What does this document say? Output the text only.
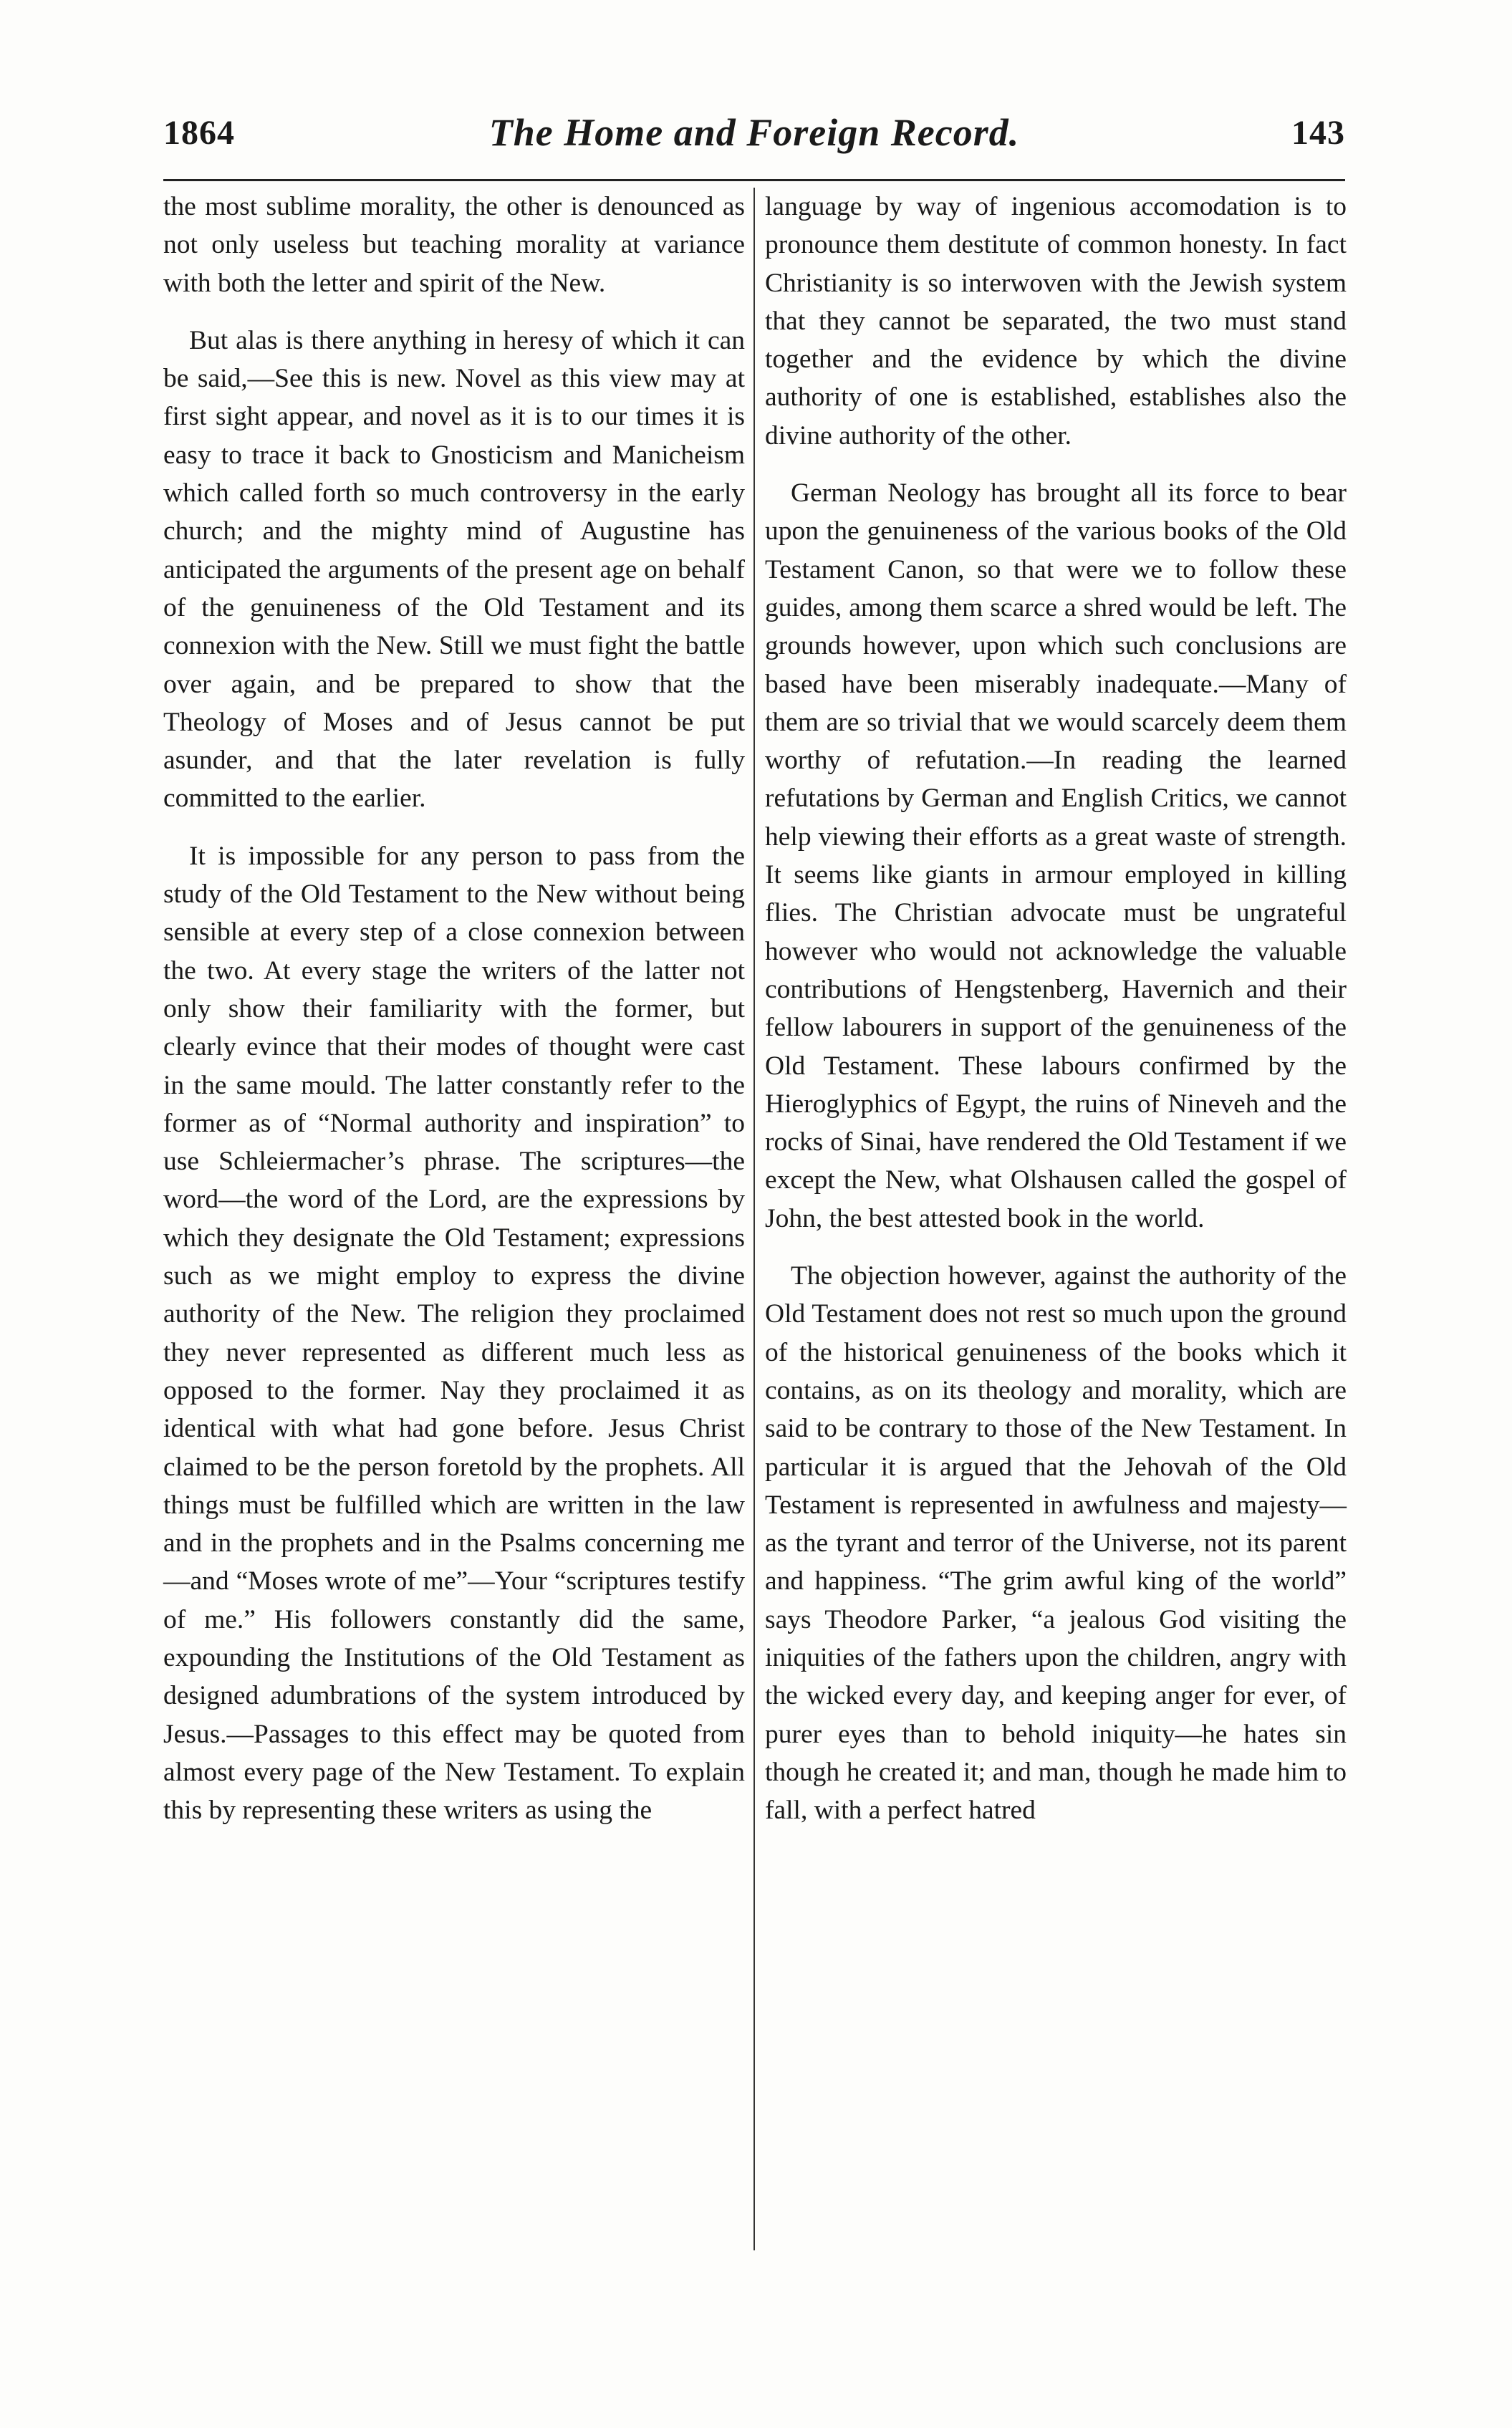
1864	The Home and Foreign Record.	143

the most sublime morality, the other is denounced as not only useless but teaching morality at variance with both the letter and spirit of the New.

But alas is there anything in heresy of which it can be said,—See this is new. Novel as this view may at first sight appear, and novel as it is to our times it is easy to trace it back to Gnosticism and Manicheism which called forth so much controversy in the early church; and the mighty mind of Augustine has anticipated the arguments of the present age on behalf of the genuineness of the Old Testament and its connexion with the New. Still we must fight the battle over again, and be prepared to show that the Theology of Moses and of Jesus cannot be put asunder, and that the later revelation is fully committed to the earlier.

It is impossible for any person to pass from the study of the Old Testament to the New without being sensible at every step of a close connexion between the two. At every stage the writers of the latter not only show their familiarity with the former, but clearly evince that their modes of thought were cast in the same mould. The latter constantly refer to the former as of “Normal authority and inspiration” to use Schleiermacher’s phrase. The scriptures—the word—the word of the Lord, are the expressions by which they designate the Old Testament; expressions such as we might employ to express the divine authority of the New. The religion they proclaimed they never represented as different much less as opposed to the former. Nay they proclaimed it as identical with what had gone before. Jesus Christ claimed to be the person foretold by the prophets. All things must be fulfilled which are written in the law and in the prophets and in the Psalms concerning me—and “Moses wrote of me”—Your “scriptures testify of me.” His followers constantly did the same, expounding the Institutions of the Old Testament as designed adumbrations of the system introduced by Jesus.—Passages to this effect may be quoted from almost every page of the New Testament. To explain this by representing these writers as using the

language by way of ingenious accomodation is to pronounce them destitute of common honesty. In fact Christianity is so interwoven with the Jewish system that they cannot be separated, the two must stand together and the evidence by which the divine authority of one is established, establishes also the divine authority of the other.

German Neology has brought all its force to bear upon the genuineness of the various books of the Old Testament Canon, so that were we to follow these guides, among them scarce a shred would be left. The grounds however, upon which such conclusions are based have been miserably inadequate.—Many of them are so trivial that we would scarcely deem them worthy of refutation.—In reading the learned refutations by German and English Critics, we cannot help viewing their efforts as a great waste of strength. It seems like giants in armour employed in killing flies. The Christian advocate must be ungrateful however who would not acknowledge the valuable contributions of Hengstenberg, Havernich and their fellow labourers in support of the genuineness of the Old Testament. These labours confirmed by the Hieroglyphics of Egypt, the ruins of Nineveh and the rocks of Sinai, have rendered the Old Testament if we except the New, what Olshausen called the gospel of John, the best attested book in the world.

The objection however, against the authority of the Old Testament does not rest so much upon the ground of the historical genuineness of the books which it contains, as on its theology and morality, which are said to be contrary to those of the New Testament. In particular it is argued that the Jehovah of the Old Testament is represented in awfulness and majesty—as the tyrant and terror of the Universe, not its parent and happiness. “The grim awful king of the world” says Theodore Parker, “a jealous God visiting the iniquities of the fathers upon the children, angry with the wicked every day, and keeping anger for ever, of purer eyes than to behold iniquity—he hates sin though he created it; and man, though he made him to fall, with a perfect hatred
